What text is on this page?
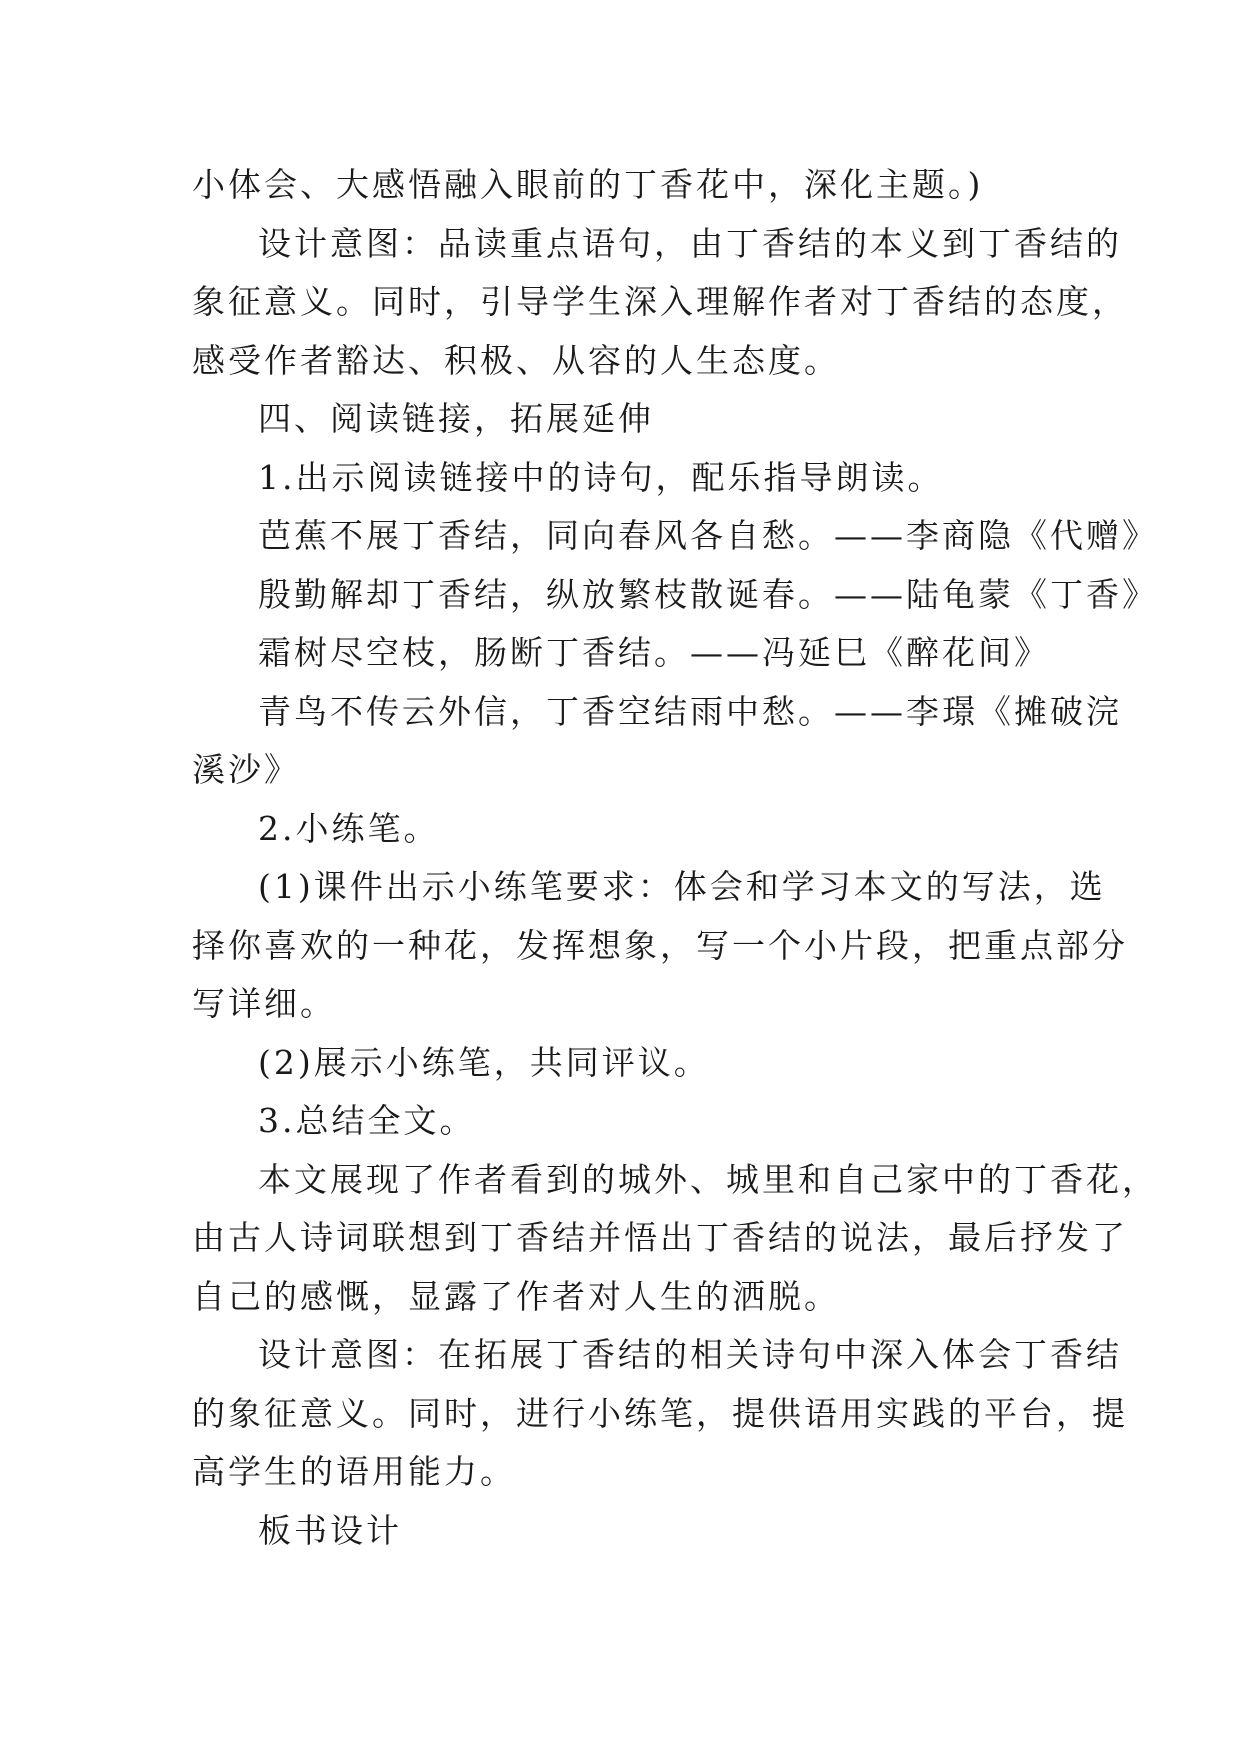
小体会、大感悟融入眼前的丁香花中，深化主题。)

设计意图：品读重点语句，由丁香结的本义到丁香结的
象征意义。同时，引导学生深入理解作者对丁香结的态度，
感受作者豁达、积极、从容的人生态度。

四、阅读链接，拓展延伸

1.出示阅读链接中的诗句，配乐指导朗读。

芭蕉不展丁香结，同向春风各自愁。——李商隐《代赠》

殷勤解却丁香结，纵放繁枝散诞春。——陆龟蒙《丁香》

霜树尽空枝，肠断丁香结。——冯延巳《醉花间》

青鸟不传云外信，丁香空结雨中愁。——李璟《摊破浣
溪沙》

2.小练笔。

(1)课件出示小练笔要求：体会和学习本文的写法，选
择你喜欢的一种花，发挥想象，写一个小片段，把重点部分
写详细。

(2)展示小练笔，共同评议。

3.总结全文。

本文展现了作者看到的城外、城里和自己家中的丁香花，
由古人诗词联想到丁香结并悟出丁香结的说法，最后抒发了
自己的感慨，显露了作者对人生的洒脱。

设计意图：在拓展丁香结的相关诗句中深入体会丁香结
的象征意义。同时，进行小练笔，提供语用实践的平台，提
高学生的语用能力。

板书设计
